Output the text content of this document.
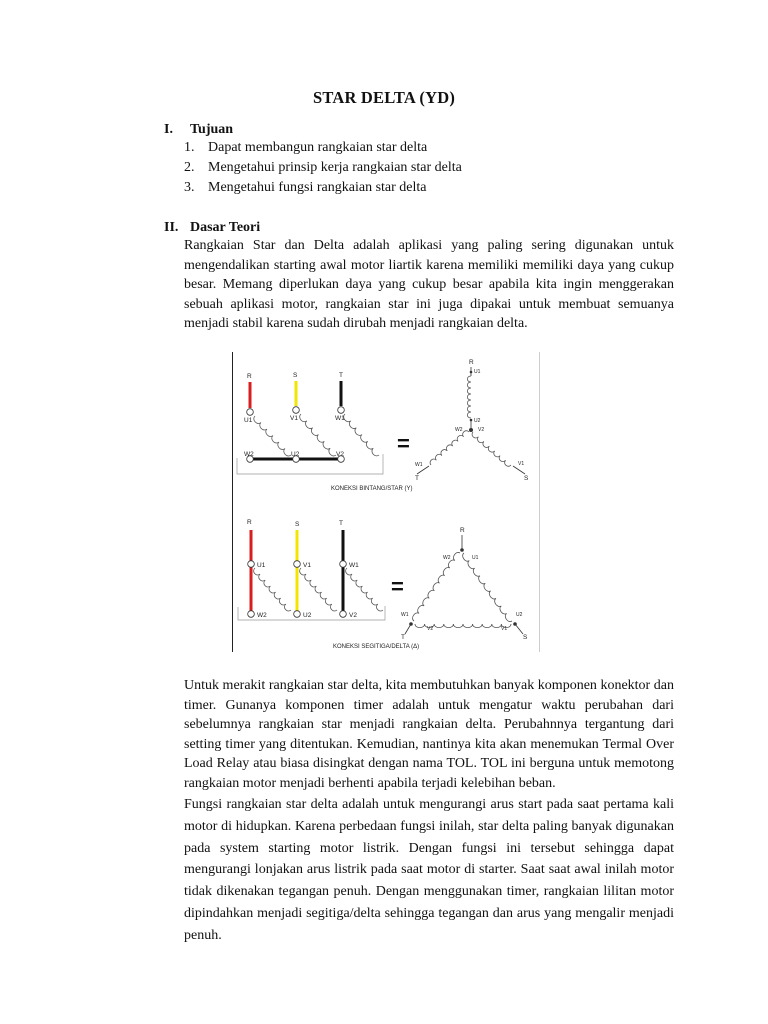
STAR DELTA (YD)
I. Tujuan
1. Dapat membangun rangkaian star delta
2. Mengetahui prinsip kerja rangkaian star delta
3. Mengetahui fungsi rangkaian star delta
II. Dasar Teori

Rangkaian Star dan Delta adalah aplikasi yang paling sering digunakan untuk mengendalikan starting awal motor liartik karena memiliki memiliki daya yang cukup besar. Memang diperlukan daya yang cukup besar apabila kita ingin menggerakan sebuah aplikasi motor, rangkaian star ini juga dipakai untuk membuat semuanya menjadi stabil karena sudah dirubah menjadi rangkaian delta.

R	S	T
U1	V1	W1
W2	U2	V2 =
R
U1
U2
W2	V2
W1	V1
T	S
KONEKSI BINTANG/STAR (Y)
R	S	T
U1	V1	W1
W2	U2	V2
=
R
W2	U1
W1	U2
V2	V1
T	S
KONEKSI SEGITIGA/DELTA (Δ)

Untuk merakit rangkaian star delta, kita membutuhkan banyak komponen konektor dan timer. Gunanya komponen timer adalah untuk mengatur waktu perubahan dari sebelumnya rangkaian star menjadi rangkaian delta. Perubahnnya tergantung dari setting timer yang ditentukan. Kemudian, nantinya kita akan menemukan Termal Over Load Relay atau biasa disingkat dengan nama TOL. TOL ini berguna untuk memotong rangkaian motor menjadi berhenti apabila terjadi kelebihan beban.

Fungsi rangkaian star delta adalah untuk mengurangi arus start pada saat pertama kali motor di hidupkan. Karena perbedaan fungsi inilah, star delta paling banyak digunakan pada system starting motor listrik. Dengan fungsi ini tersebut sehingga dapat mengurangi lonjakan arus listrik pada saat motor di starter. Saat saat awal inilah motor tidak dikenakan tegangan penuh. Dengan menggunakan timer, rangkaian lilitan motor dipindahkan menjadi segitiga/delta sehingga tegangan dan arus yang mengalir menjadi penuh.
